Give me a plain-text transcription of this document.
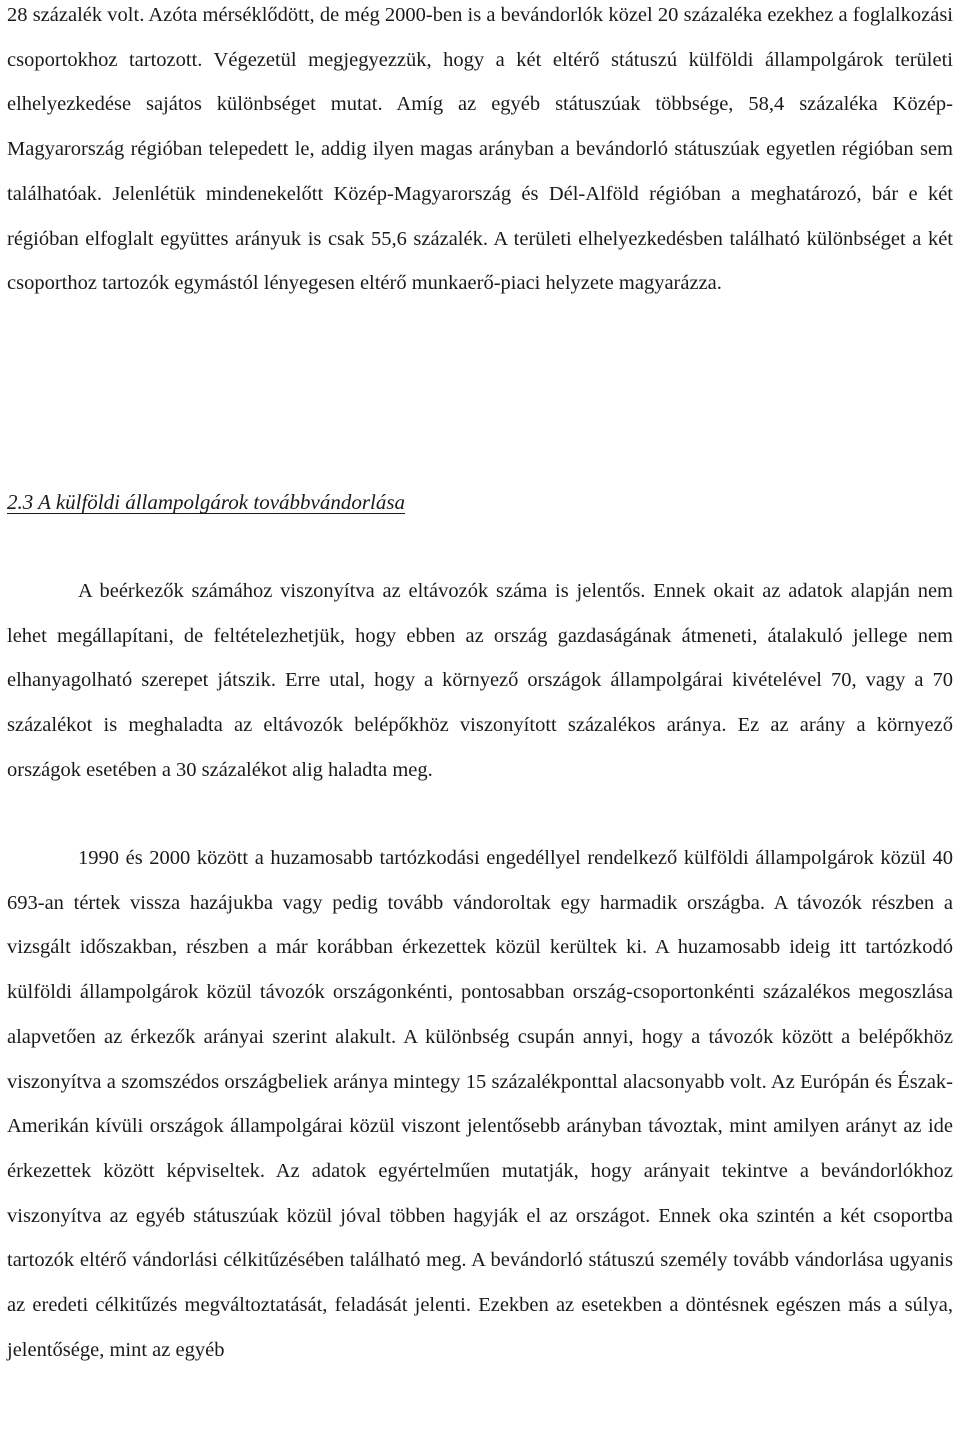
28 százalék volt. Azóta mérséklődött, de még 2000-ben is a bevándorlók közel 20 százaléka ezekhez a foglalkozási csoportokhoz tartozott. Végezetül megjegyezzük, hogy a két eltérő státuszú külföldi állampolgárok területi elhelyezkedése sajátos különbséget mutat. Amíg az egyéb státuszúak többsége, 58,4 százaléka Közép-Magyarország régióban telepedett le, addig ilyen magas arányban a bevándorló státuszúak egyetlen régióban sem találhatóak. Jelenlétük mindenekelőtt Közép-Magyarország és Dél-Alföld régióban a meghatározó, bár e két régióban elfoglalt együttes arányuk is csak 55,6 százalék. A területi elhelyezkedésben található különbséget a két csoporthoz tartozók egymástól lényegesen eltérő munkaerő-piaci helyzete magyarázza.

2.3 A külföldi állampolgárok továbbvándorlása

A beérkezők számához viszonyítva az eltávozók száma is jelentős. Ennek okait az adatok alapján nem lehet megállapítani, de feltételezhetjük, hogy ebben az ország gazdaságának átmeneti, átalakuló jellege nem elhanyagolható szerepet játszik. Erre utal, hogy a környező országok állampolgárai kivételével 70, vagy a 70 százalékot is meghaladta az eltávozók belépőkhöz viszonyított százalékos aránya. Ez az arány a környező országok esetében a 30 százalékot alig haladta meg.

1990 és 2000 között a huzamosabb tartózkodási engedéllyel rendelkező külföldi állampolgárok közül 40 693-an tértek vissza hazájukba vagy pedig tovább vándoroltak egy harmadik országba. A távozók részben a vizsgált időszakban, részben a már korábban érkezettek közül kerültek ki. A huzamosabb ideig itt tartózkodó külföldi állampolgárok közül távozók országonkénti, pontosabban ország-csoportonkénti százalékos megoszlása alapvetően az érkezők arányai szerint alakult. A különbség csupán annyi, hogy a távozók között a belépőkhöz viszonyítva a szomszédos országbeliek aránya mintegy 15 százalékponttal alacsonyabb volt. Az Európán és Észak-Amerikán kívüli országok állampolgárai közül viszont jelentősebb arányban távoztak, mint amilyen arányt az ide érkezettek között képviseltek. Az adatok egyértelműen mutatják, hogy arányait tekintve a bevándorlókhoz viszonyítva az egyéb státuszúak közül jóval többen hagyják el az országot. Ennek oka szintén a két csoportba tartozók eltérő vándorlási célkitűzésében található meg. A bevándorló státuszú személy tovább vándorlása ugyanis az eredeti célkitűzés megváltoztatását, feladását jelenti. Ezekben az esetekben a döntésnek egészen más a súlya, jelentősége, mint az egyéb
